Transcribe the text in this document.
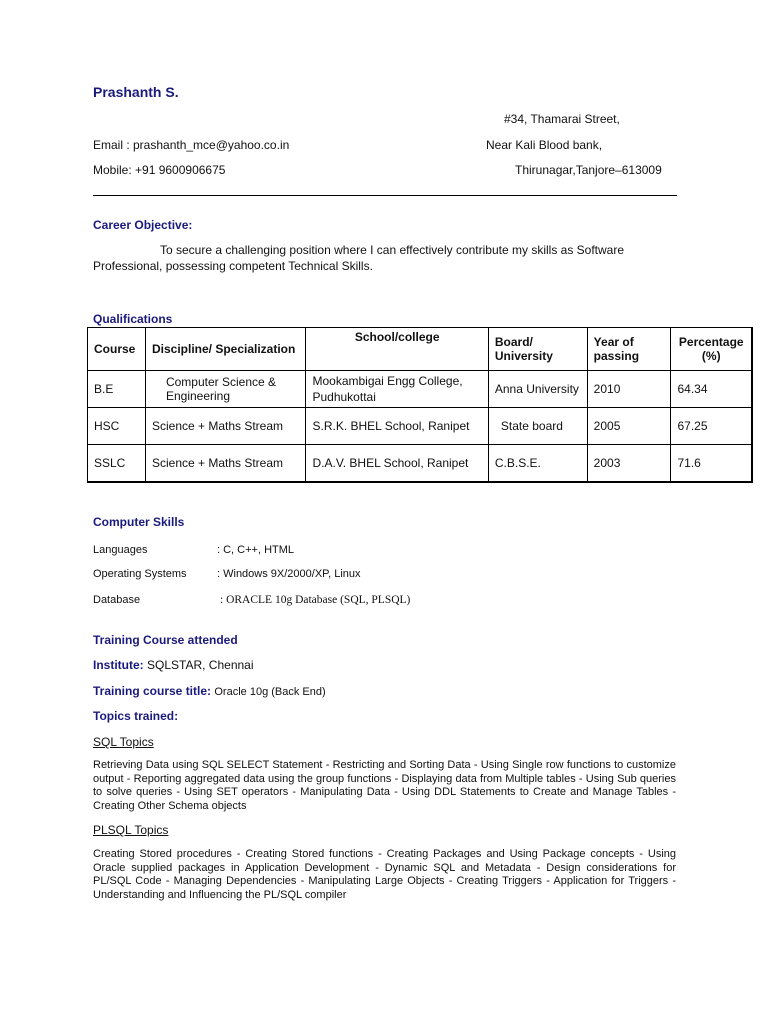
Prashanth S.
#34, Thamarai Street,
Email : prashanth_mce@yahoo.co.in	Near Kali Blood bank,
Mobile: +91 9600906675	Thirunagar,Tanjore–613009
Career Objective:
To secure a challenging position where I can effectively contribute my skills as Software Professional, possessing competent Technical Skills.
Qualifications
Course	Discipline/ Specialization	School/college	Board/ University	Year of passing	Percentage (%)
B.E	Computer Science & Engineering	Mookambigai Engg College, Pudhukottai	Anna University	2010	64.34
HSC	Science + Maths Stream	S.R.K. BHEL School, Ranipet	State board	2005	67.25
SSLC	Science + Maths Stream	D.A.V. BHEL School, Ranipet	C.B.S.E.	2003	71.6
Computer Skills
Languages	: C, C++, HTML
Operating Systems	: Windows 9X/2000/XP, Linux
Database	: ORACLE 10g Database (SQL, PLSQL)
Training Course attended
Institute: SQLSTAR, Chennai
Training course title: Oracle 10g (Back End)
Topics trained:
SQL Topics
Retrieving Data using SQL SELECT Statement - Restricting and Sorting Data - Using Single row functions to customize output - Reporting aggregated data using the group functions - Displaying data from Multiple tables - Using Sub queries to solve queries - Using SET operators - Manipulating Data - Using DDL Statements to Create and Manage Tables - Creating Other Schema objects
PLSQL Topics
Creating Stored procedures - Creating Stored functions - Creating Packages and Using Package concepts - Using Oracle supplied packages in Application Development - Dynamic SQL and Metadata - Design considerations for PL/SQL Code - Managing Dependencies - Manipulating Large Objects - Creating Triggers - Application for Triggers - Understanding and Influencing the PL/SQL compiler
